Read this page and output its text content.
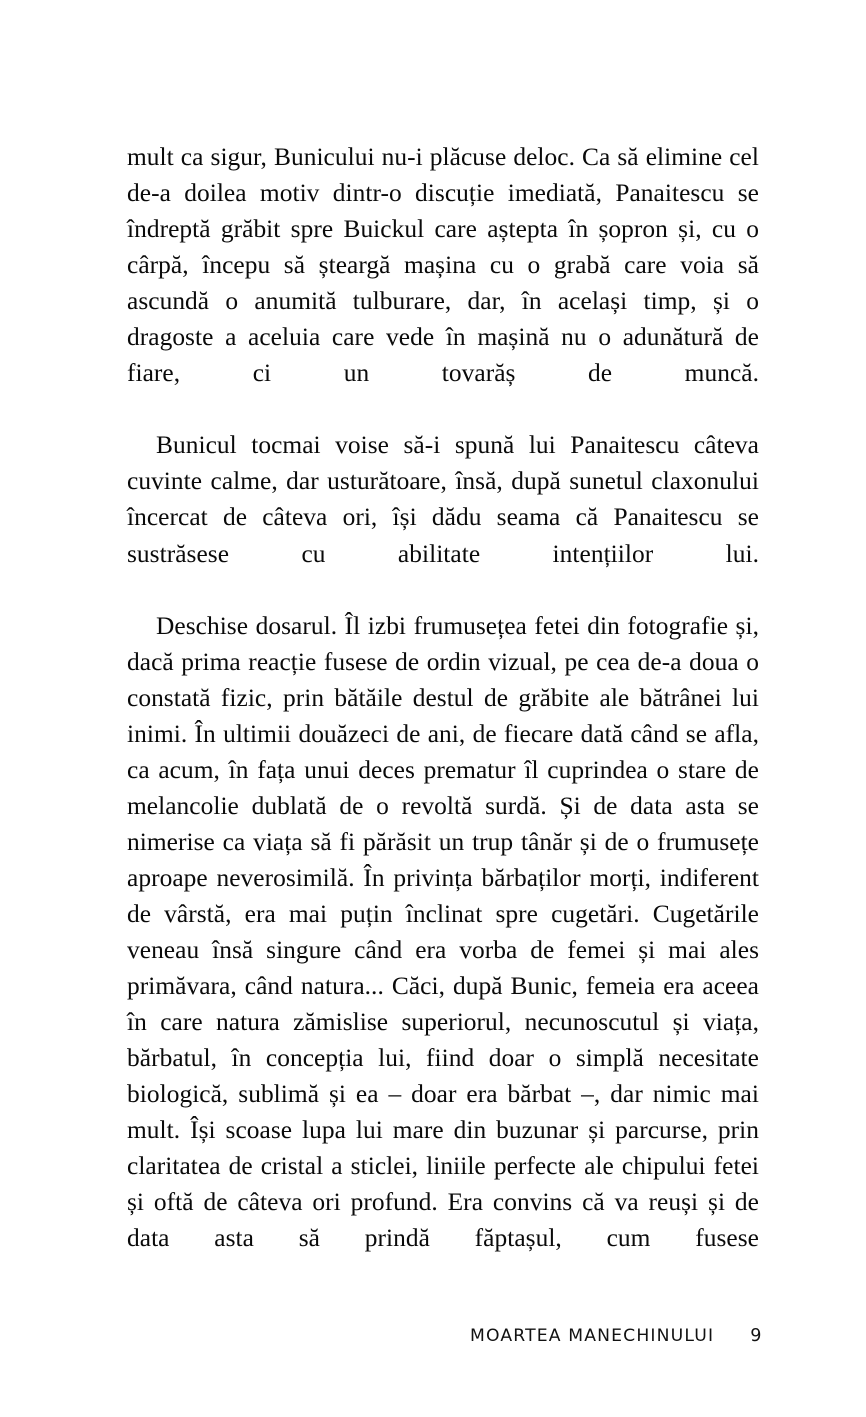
mult ca sigur, Bunicului nu-i plăcuse deloc. Ca să elimine cel de-a doilea motiv dintr-o discuție imediată, Panaitescu se îndreptă grăbit spre Buickul care aștepta în șopron și, cu o cârpă, începu să șteargă mașina cu o grabă care voia să ascundă o anumită tulburare, dar, în același timp, și o dragoste a aceluia care vede în mașină nu o adunătură de fiare, ci un tovarăș de muncă.

Bunicul tocmai voise să-i spună lui Panaitescu câteva cuvinte calme, dar usturătoare, însă, după sunetul claxonului încercat de câteva ori, își dădu seama că Panaitescu se sustrăsese cu abilitate intențiilor lui.

Deschise dosarul. Îl izbi frumusețea fetei din fotografie și, dacă prima reacție fusese de ordin vizual, pe cea de-a doua o constată fizic, prin bătăile destul de grăbite ale bătrânei lui inimi. În ultimii douăzeci de ani, de fiecare dată când se afla, ca acum, în fața unui deces prematur îl cuprindea o stare de melancolie dublată de o revoltă surdă. Și de data asta se nimerise ca viața să fi părăsit un trup tânăr și de o frumusețe aproape neverosimilă. În privința bărbaților morți, indiferent de vârstă, era mai puțin înclinat spre cugetări. Cugetările veneau însă singure când era vorba de femei și mai ales primăvara, când natura... Căci, după Bunic, femeia era aceea în care natura zămislise superiorul, necunoscutul și viața, bărbatul, în concepția lui, fiind doar o simplă necesitate biologică, sublimă și ea – doar era bărbat –, dar nimic mai mult. Își scoase lupa lui mare din buzunar și parcurse, prin claritatea de cristal a sticlei, liniile perfecte ale chipului fetei și oftă de câteva ori profund. Era convins că va reuși și de data asta să prindă făptașul, cum fusese

MOARTEA MANECHINULUI 9
